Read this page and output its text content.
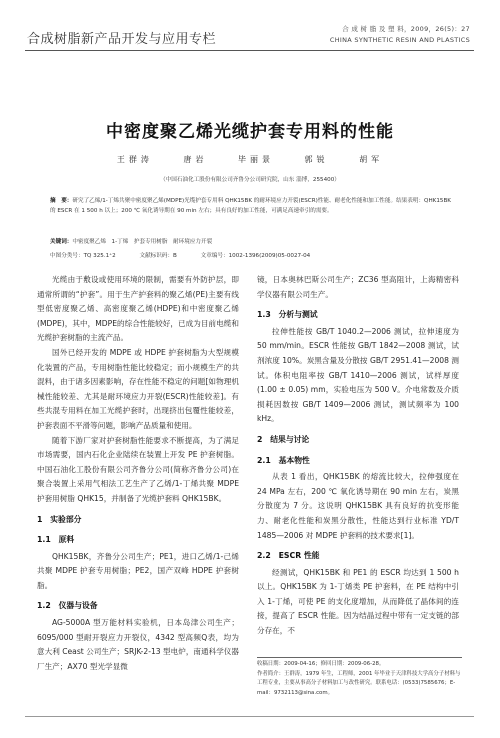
合成树脂新产品开发与应用专栏
合 成 树 脂 及 塑 料，2009，26(5)：27
CHINA SYNTHETIC RESIN AND PLASTICS
中密度聚乙烯光缆护套专用料的性能
王群涛	唐岩	毕丽景	郭锐	胡军
（中国石油化工股份有限公司齐鲁分公司研究院，山东 淄博，255400）
摘　要：研究了乙烯/1-丁烯共聚中密度聚乙烯(MDPE)光缆护套专用料 QHK15BK 的耐环境应力开裂(ESCR)性能、耐老化性能和加工性能。结果表明：QHK15BK 的 ESCR 在 1 500 h 以上；200 ℃ 氧化诱导期在 90 min 左右；具有良好的加工性能，可满足高速牵引的需要。
关键词：中密度聚乙烯　1-丁烯　护套专用树脂　耐环境应力开裂
中图分类号：TQ 325.1⁺2	文献标识码：B	文章编号：1002-1396(2009)05-0027-04

光缆由于敷设或使用环境的限制，需要有外防护层，即通常所谓的“护套”。用于生产护套料的聚乙烯(PE)主要有线型低密度聚乙烯、高密度聚乙烯(HDPE)和中密度聚乙烯(MDPE)，其中，MDPE的综合性能较好，已成为目前电缆和光缆护套树脂的主流产品。

国外已经开发的 MDPE 或 HDPE 护套树脂为大型规模化装置的产品，专用树脂性能比较稳定；而小规模生产的共混料，由于诸多因素影响，存在性能不稳定的问题[如物理机械性能较差、尤其是耐环境应力开裂(ESCR)性能较差]。有些共混专用料在加工光缆护套时，出现挤出包覆性能较差，护套表面不平滑等问题，影响产品质量和使用。

随着下游厂家对护套树脂性能要求不断提高，为了满足市场需要，国内石化企业陆续在装置上开发 PE 护套树脂。中国石油化工股份有限公司齐鲁分公司(简称齐鲁分公司)在聚合装置上采用气相法工艺生产了乙烯/1-丁烯共聚 MDPE 护套用树脂 QHK15，并制备了光缆护套料 QHK15BK。

1　实验部分

1.1　原料

QHK15BK，齐鲁分公司生产；PE1，进口乙烯/1-己烯共聚 MDPE 护套专用树脂；PE2，国产双峰 HDPE 护套树脂。

1.2　仪器与设备

AG-5000A 型万能材料实验机，日本岛津公司生产；6095/000 型耐开裂应力开裂仪，4342 型高频Q表，均为意大利 Ceast 公司生产；SRJK-2-13 型电炉，南通科学仪器厂生产；AX70 型光学显微

镜，日本奥林巴斯公司生产；ZC36 型高阻计，上海精密科学仪器有限公司生产。

1.3　分析与测试

拉伸性能按 GB/T 1040.2—2006 测试，拉伸速度为 50 mm/min。ESCR 性能按 GB/T 1842—2008 测试，试剂浓度 10%。炭黑含量及分散按 GB/T 2951.41—2008 测试。体积电阻率按 GB/T 1410—2006 测试，试样厚度 (1.00 ± 0.05) mm，实验电压为 500 V。介电常数及介质损耗因数按 GB/T 1409—2006 测试，测试频率为 100 kHz。

2　结果与讨论

2.1　基本物性

从表 1 看出，QHK15BK 的熔流比较大，拉伸强度在 24 MPa 左右，200 ℃ 氧化诱导期在 90 min 左右，炭黑分散度为 7 分。这说明 QHK15BK 具有良好的抗变形能力、耐老化性能和炭黑分散性，性能达到行业标准 YD/T 1485—2006 对 MDPE 护套料的技术要求[1]。

2.2　ESCR 性能

经测试，QHK15BK 和 PE1 的 ESCR 均达到 1 500 h 以上。QHK15BK 为 1-丁烯类 PE 护套料，在 PE 结构中引入 1-丁烯，可使 PE 的支化度增加，从而降低了晶体间的连接，提高了 ESCR 性能。因为结晶过程中带有一定支链的部分存在，不

收稿日期：2009-04-16；修回日期：2009-06-28。
作者简介：王群涛，1979 年生，工程师，2001 年毕业于天津科技大学高分子材料与工程专业，主要从事高分子材料加工与改性研究。联系电话：(0533)7585676；E-mail：9732113@sina.com。
